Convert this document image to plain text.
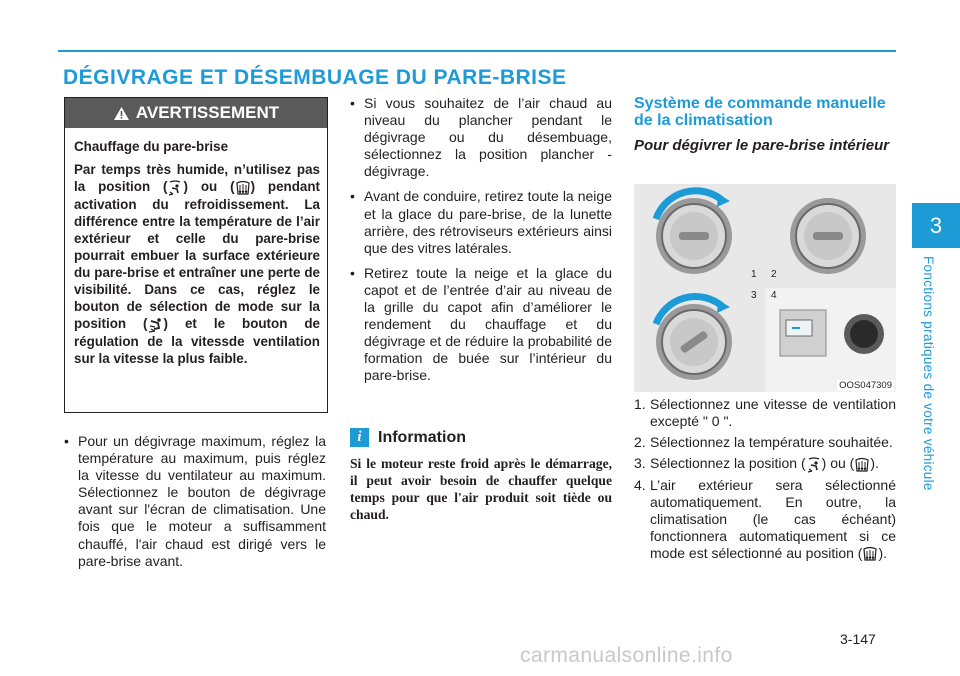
DÉGIVRAGE ET DÉSEMBUAGE DU PARE-BRISE
3
Fonctions pratiques de votre véhicule
AVERTISSEMENT

Chauffage du pare-brise

Par temps très humide, n’utilisez pas la position ( ) ou ( ) pendant activation du refroidissement. La différence entre la température de l’air extérieur et celle du pare-brise pourrait embuer la surface extérieure du pare-brise et entraîner une perte de visibilité. Dans ce cas, réglez le bouton de sélection de mode sur la position ( ) et le bouton de régulation de la vitessde ventilation sur la vitesse la plus faible.

• Pour un dégivrage maximum, réglez la température au maximum, puis réglez la vitesse du ventilateur au maximum. Sélectionnez le bouton de dégivrage avant sur l'écran de climatisation. Une fois que le moteur a suffisamment chauffé, l'air chaud est dirigé vers le pare-brise avant.
• Si vous souhaitez de l’air chaud au niveau du plancher pendant le dégivrage ou du désembuage, sélectionnez la position plancher - dégivrage.
• Avant de conduire, retirez toute la neige et la glace du pare-brise, de la lunette arrière, des rétroviseurs extérieurs ainsi que des vitres latérales.
• Retirez toute la neige et la glace du capot et de l’entrée d’air au niveau de la grille du capot afin d’améliorer le rendement du chauffage et du dégivrage et de réduire la probabilité de formation de buée sur l’intérieur du pare-brise.
i	Information
Si le moteur reste froid après le démarrage, il peut avoir besoin de chauffer quelque temps pour que l'air produit soit tiède ou chaud.
Système de commande manuelle de la climatisation
Pour dégivrer le pare-brise intérieur
1 2
3 4
OOS047309
1. Sélectionnez une vitesse de ventilation excepté " 0 ".
2. Sélectionnez la température souhaitée.
3. Sélectionnez la position ( ) ou ( ).
4. L’air extérieur sera sélectionné automatiquement. En outre, la climatisation (le cas échéant) fonctionnera automatiquement si ce mode est sélectionné au position ( ).
3-147
carmanualsonline.info
